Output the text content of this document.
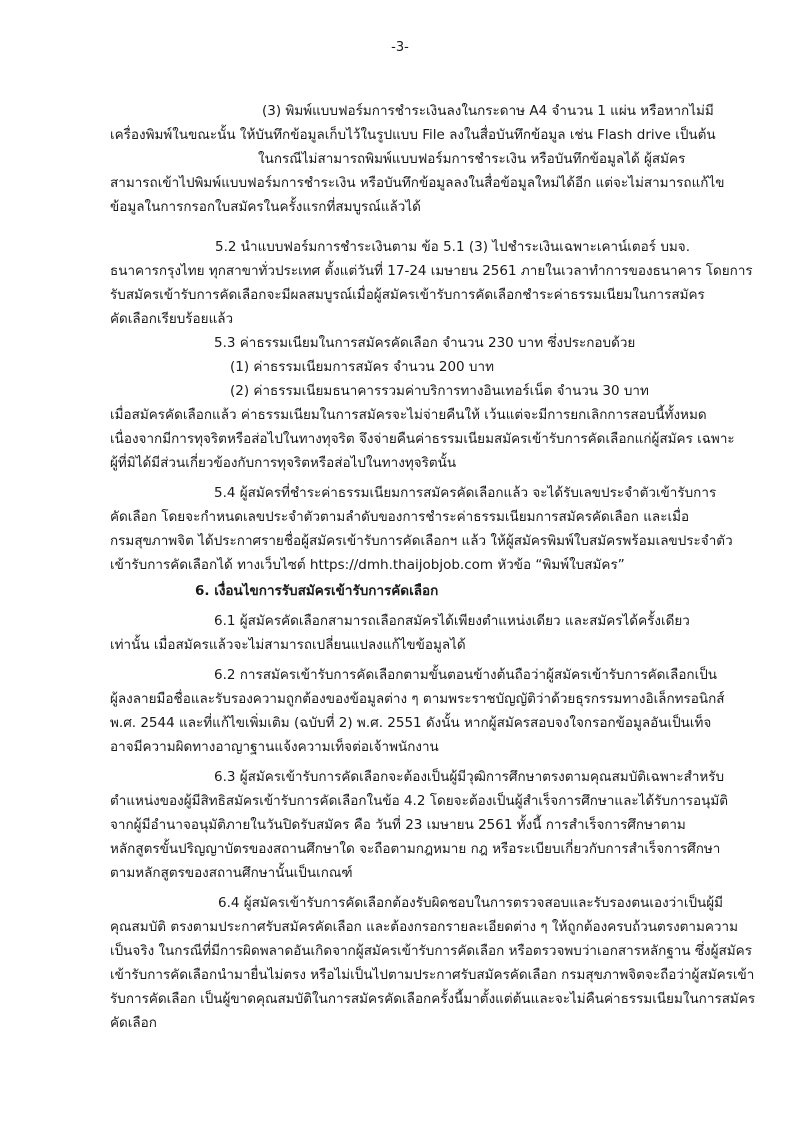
-3-
(3) พิมพ์แบบฟอร์มการชำระเงินลงในกระดาษ A4 จำนวน 1 แผ่น หรือหากไม่มี
เครื่องพิมพ์ในขณะนั้น ให้บันทึกข้อมูลเก็บไว้ในรูปแบบ File ลงในสื่อบันทึกข้อมูล เช่น Flash drive เป็นต้น
ในกรณีไม่สามารถพิมพ์แบบฟอร์มการชำระเงิน หรือบันทึกข้อมูลได้ ผู้สมัคร
สามารถเข้าไปพิมพ์แบบฟอร์มการชำระเงิน หรือบันทึกข้อมูลลงในสื่อข้อมูลใหม่ได้อีก แต่จะไม่สามารถแก้ไข
ข้อมูลในการกรอกใบสมัครในครั้งแรกที่สมบูรณ์แล้วได้
5.2 นำแบบฟอร์มการชำระเงินตาม ข้อ 5.1 (3) ไปชำระเงินเฉพาะเคาน์เตอร์ บมจ.
ธนาคารกรุงไทย ทุกสาขาทั่วประเทศ ตั้งแต่วันที่ 17-24 เมษายน 2561 ภายในเวลาทำการของธนาคาร โดยการ
รับสมัครเข้ารับการคัดเลือกจะมีผลสมบูรณ์เมื่อผู้สมัครเข้ารับการคัดเลือกชำระค่าธรรมเนียมในการสมัคร
คัดเลือกเรียบร้อยแล้ว
5.3 ค่าธรรมเนียมในการสมัครคัดเลือก จำนวน 230 บาท ซึ่งประกอบด้วย
(1) ค่าธรรมเนียมการสมัคร จำนวน 200 บาท
(2) ค่าธรรมเนียมธนาคารรวมค่าบริการทางอินเทอร์เน็ต จำนวน 30 บาท
เมื่อสมัครคัดเลือกแล้ว ค่าธรรมเนียมในการสมัครจะไม่จ่ายคืนให้ เว้นแต่จะมีการยกเลิกการสอบนี้ทั้งหมด
เนื่องจากมีการทุจริตหรือส่อไปในทางทุจริต จึงจ่ายคืนค่าธรรมเนียมสมัครเข้ารับการคัดเลือกแก่ผู้สมัคร เฉพาะ
ผู้ที่มิได้มีส่วนเกี่ยวข้องกับการทุจริตหรือส่อไปในทางทุจริตนั้น
5.4 ผู้สมัครที่ชำระค่าธรรมเนียมการสมัครคัดเลือกแล้ว จะได้รับเลขประจำตัวเข้ารับการ
คัดเลือก โดยจะกำหนดเลขประจำตัวตามลำดับของการชำระค่าธรรมเนียมการสมัครคัดเลือก และเมื่อ
กรมสุขภาพจิต ได้ประกาศรายชื่อผู้สมัครเข้ารับการคัดเลือกฯ แล้ว ให้ผู้สมัครพิมพ์ใบสมัครพร้อมเลขประจำตัว
เข้ารับการคัดเลือกได้ ทางเว็บไซต์ https://dmh.thaijobjob.com หัวข้อ “พิมพ์ใบสมัคร”
6. เงื่อนไขการรับสมัครเข้ารับการคัดเลือก
6.1 ผู้สมัครคัดเลือกสามารถเลือกสมัครได้เพียงตำแหน่งเดียว และสมัครได้ครั้งเดียว
เท่านั้น เมื่อสมัครแล้วจะไม่สามารถเปลี่ยนแปลงแก้ไขข้อมูลได้
6.2 การสมัครเข้ารับการคัดเลือกตามขั้นตอนข้างต้นถือว่าผู้สมัครเข้ารับการคัดเลือกเป็น
ผู้ลงลายมือชื่อและรับรองความถูกต้องของข้อมูลต่าง ๆ ตามพระราชบัญญัติว่าด้วยธุรกรรมทางอิเล็กทรอนิกส์
พ.ศ. 2544 และที่แก้ไขเพิ่มเติม (ฉบับที่ 2) พ.ศ. 2551 ดังนั้น หากผู้สมัครสอบจงใจกรอกข้อมูลอันเป็นเท็จ
อาจมีความผิดทางอาญาฐานแจ้งความเท็จต่อเจ้าพนักงาน
6.3 ผู้สมัครเข้ารับการคัดเลือกจะต้องเป็นผู้มีวุฒิการศึกษาตรงตามคุณสมบัติเฉพาะสำหรับ
ตำแหน่งของผู้มีสิทธิสมัครเข้ารับการคัดเลือกในข้อ 4.2 โดยจะต้องเป็นผู้สำเร็จการศึกษาและได้รับการอนุมัติ
จากผู้มีอำนาจอนุมัติภายในวันปิดรับสมัคร คือ วันที่ 23 เมษายน 2561 ทั้งนี้ การสำเร็จการศึกษาตาม
หลักสูตรขั้นปริญญาบัตรของสถานศึกษาใด จะถือตามกฎหมาย กฎ หรือระเบียบเกี่ยวกับการสำเร็จการศึกษา
ตามหลักสูตรของสถานศึกษานั้นเป็นเกณฑ์
6.4 ผู้สมัครเข้ารับการคัดเลือกต้องรับผิดชอบในการตรวจสอบและรับรองตนเองว่าเป็นผู้มี
คุณสมบัติ ตรงตามประกาศรับสมัครคัดเลือก และต้องกรอกรายละเอียดต่าง ๆ ให้ถูกต้องครบถ้วนตรงตามความ
เป็นจริง ในกรณีที่มีการผิดพลาดอันเกิดจากผู้สมัครเข้ารับการคัดเลือก หรือตรวจพบว่าเอกสารหลักฐาน ซึ่งผู้สมัคร
เข้ารับการคัดเลือกนำมายื่นไม่ตรง หรือไม่เป็นไปตามประกาศรับสมัครคัดเลือก กรมสุขภาพจิตจะถือว่าผู้สมัครเข้า
รับการคัดเลือก เป็นผู้ขาดคุณสมบัติในการสมัครคัดเลือกครั้งนี้มาตั้งแต่ต้นและจะไม่คืนค่าธรรมเนียมในการสมัคร
คัดเลือก
